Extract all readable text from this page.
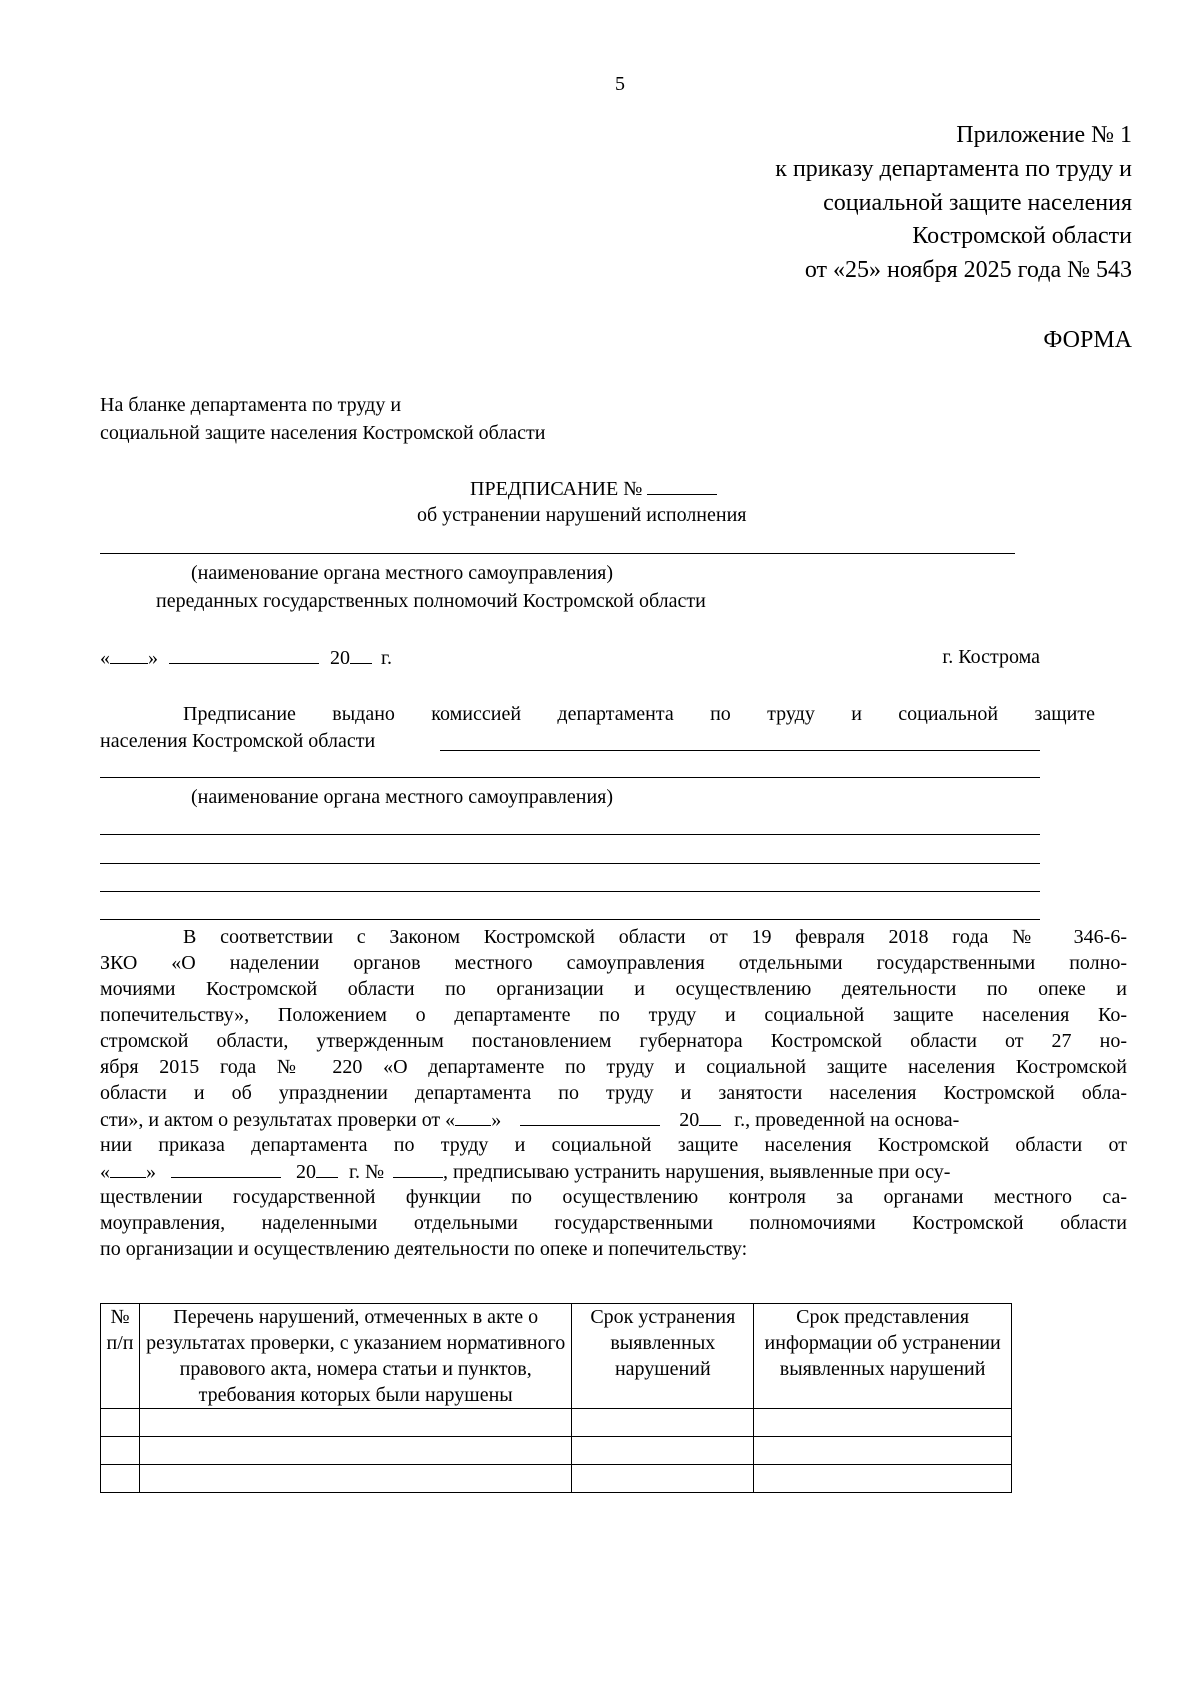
5
Приложение № 1
к приказу департамента по труду и
социальной защите населения
Костромской области
от «25» ноября 2025 года № 543
ФОРМА
На бланке департамента по труду и
социальной защите населения Костромской области
ПРЕДПИСАНИЕ №
об устранении нарушений исполнения
(наименование органа местного самоуправления)
переданных государственных полномочий Костромской области
« »	20 г.	г. Кострома
Предписание выдано комиссией департамента по труду и социальной защите
населения Костромской области
(наименование органа местного самоуправления)
В соответствии с Законом Костромской области от 19 февраля 2018 года № 346-6-
ЗКО «О наделении органов местного самоуправления отдельными государственными полно-
мочиями Костромской области по организации и осуществлению деятельности по опеке и
попечительству», Положением о департаменте по труду и социальной защите населения Ко-
стромской области, утвержденным постановлением губернатора Костромской области от 27 но-
ября 2015 года № 220 «О департаменте по труду и социальной защите населения Костромской
области и об упразднении департамента по труду и занятости населения Костромской обла-
сти», и актом о результатах проверки от « »	20 г., проведенной на основа-
нии приказа департамента по труду и социальной защите населения Костромской области от
« »	20 г. №	, предписываю устранить нарушения, выявленные при осу-
ществлении государственной функции по осуществлению контроля за органами местного са-
моуправления, наделенными отдельными государственными полномочиями Костромской области
по организации и осуществлению деятельности по опеке и попечительству:
№ п/п	Перечень нарушений, отмеченных в акте о результатах проверки, с указанием нормативного правового акта, номера статьи и пунктов, требования которых были нарушены	Срок устранения выявленных нарушений	Срок представления информации об устранении выявленных нарушений
